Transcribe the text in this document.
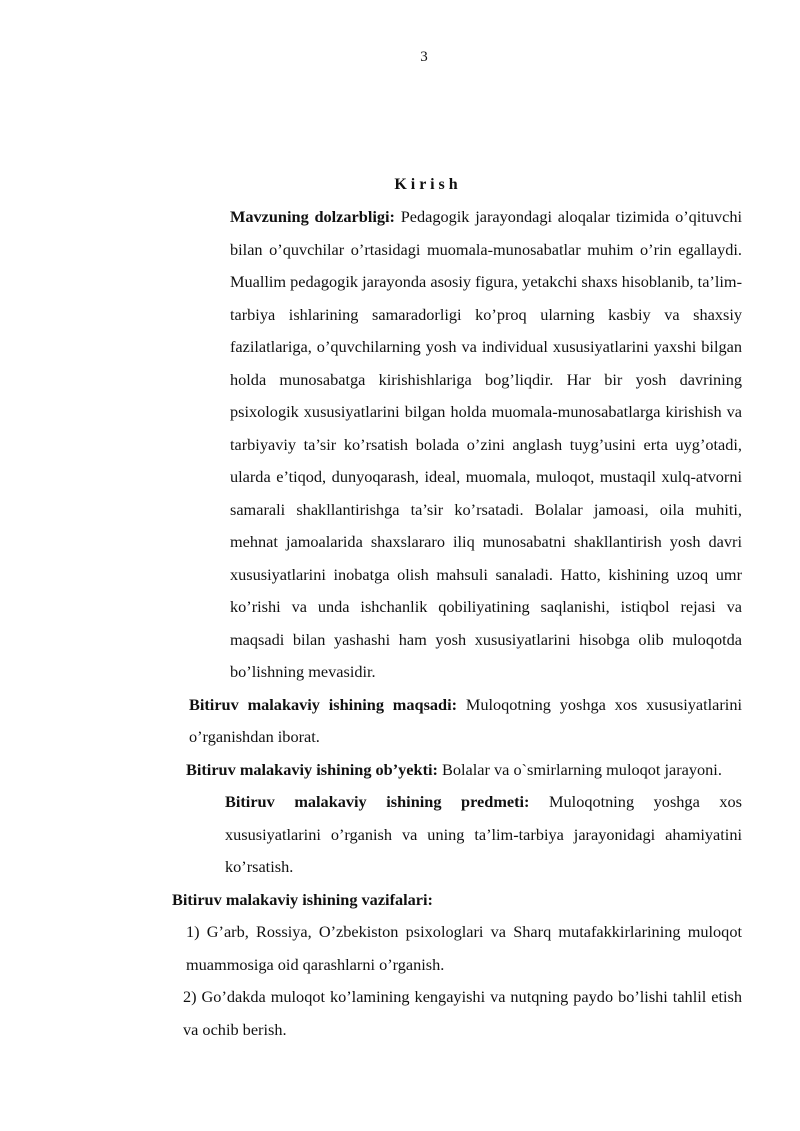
3
K i r i s h

Mavzuning dolzarbligi: Pedagogik jarayondagi aloqalar tizimida o’qituvchi bilan o’quvchilar o’rtasidagi muomala-munosabatlar muhim o’rin egallaydi. Muallim pedagogik jarayonda asosiy figura, yetakchi shaxs hisoblanib, ta’lim-tarbiya ishlarining samaradorligi ko’proq ularning kasbiy va shaxsiy fazilatlariga, o’quvchilarning yosh va individual xususiyatlarini yaxshi bilgan holda munosabatga kirishishlariga bog’liqdir. Har bir yosh davrining psixologik xususiyatlarini bilgan holda muomala-munosabatlarga kirishish va tarbiyaviy ta’sir ko’rsatish bolada o’zini anglash tuyg’usini erta uyg’otadi, ularda e’tiqod, dunyoqarash, ideal, muomala, muloqot, mustaqil xulq-atvorni samarali shakllantirishga ta’sir ko’rsatadi. Bolalar jamoasi, oila muhiti, mehnat jamoalarida shaxslararo iliq munosabatni shakllantirish yosh davri xususiyatlarini inobatga olish mahsuli sanaladi. Hatto, kishining uzoq umr ko’rishi va unda ishchanlik qobiliyatining saqlanishi, istiqbol rejasi va maqsadi bilan yashashi ham yosh xususiyatlarini hisobga olib muloqotda bo’lishning mevasidir.

Bitiruv malakaviy ishining maqsadi: Muloqotning yoshga xos xususiyatlarini o’rganishdan iborat.

Bitiruv malakaviy ishining ob’yekti: Bolalar va o`smirlarning muloqot jarayoni.

Bitiruv malakaviy ishining predmeti: Muloqotning yoshga xos xususiyatlarini o’rganish va uning ta’lim-tarbiya jarayonidagi ahamiyatini ko’rsatish.

Bitiruv malakaviy ishining vazifalari:

1) G’arb, Rossiya, O’zbekiston psixologlari va Sharq mutafakkirlarining muloqot muammosiga oid qarashlarni o’rganish.

2) Go’dakda muloqot ko’lamining kengayishi va nutqning paydo bo’lishi tahlil etish va ochib berish.
